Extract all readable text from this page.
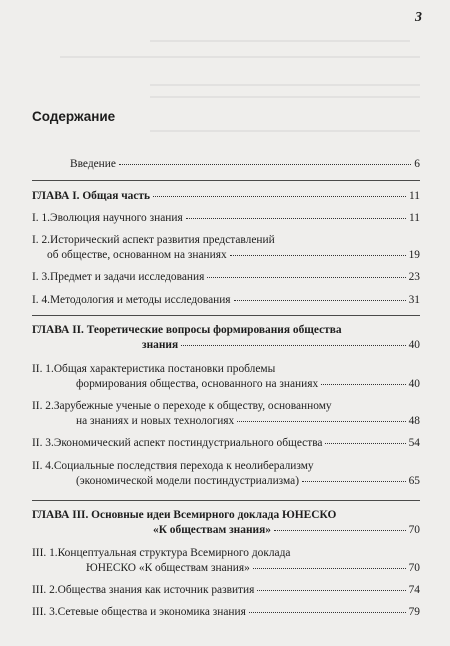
3
Содержание
Введение	6
ГЛАВА I. Общая часть	11
I. 1.Эволюция научного знания	11
I. 2.Исторический аспект развития представлений
об обществе, основанном на знаниях	19
I. 3.Предмет и задачи исследования	23
I. 4.Методология и методы исследования	31
ГЛАВА II. Теоретические вопросы формирования общества
знания	40
II. 1.Общая характеристика постановки проблемы
формирования общества, основанного на знаниях	40
II. 2.Зарубежные ученые о переходе к обществу, основанному
на знаниях и новых технологиях	48
II. 3.Экономический аспект постиндустриального общества	54
II. 4.Социальные последствия перехода к неолиберализму
(экономической модели постиндустриализма)	65
ГЛАВА III. Основные идеи Всемирного доклада ЮНЕСКО
«К обществам знания»	70
III. 1.Концептуальная структура Всемирного доклада
ЮНЕСКО «К обществам знания»	70
III. 2.Общества знания как источник развития	74
III. 3.Сетевые общества и экономика знания	79
